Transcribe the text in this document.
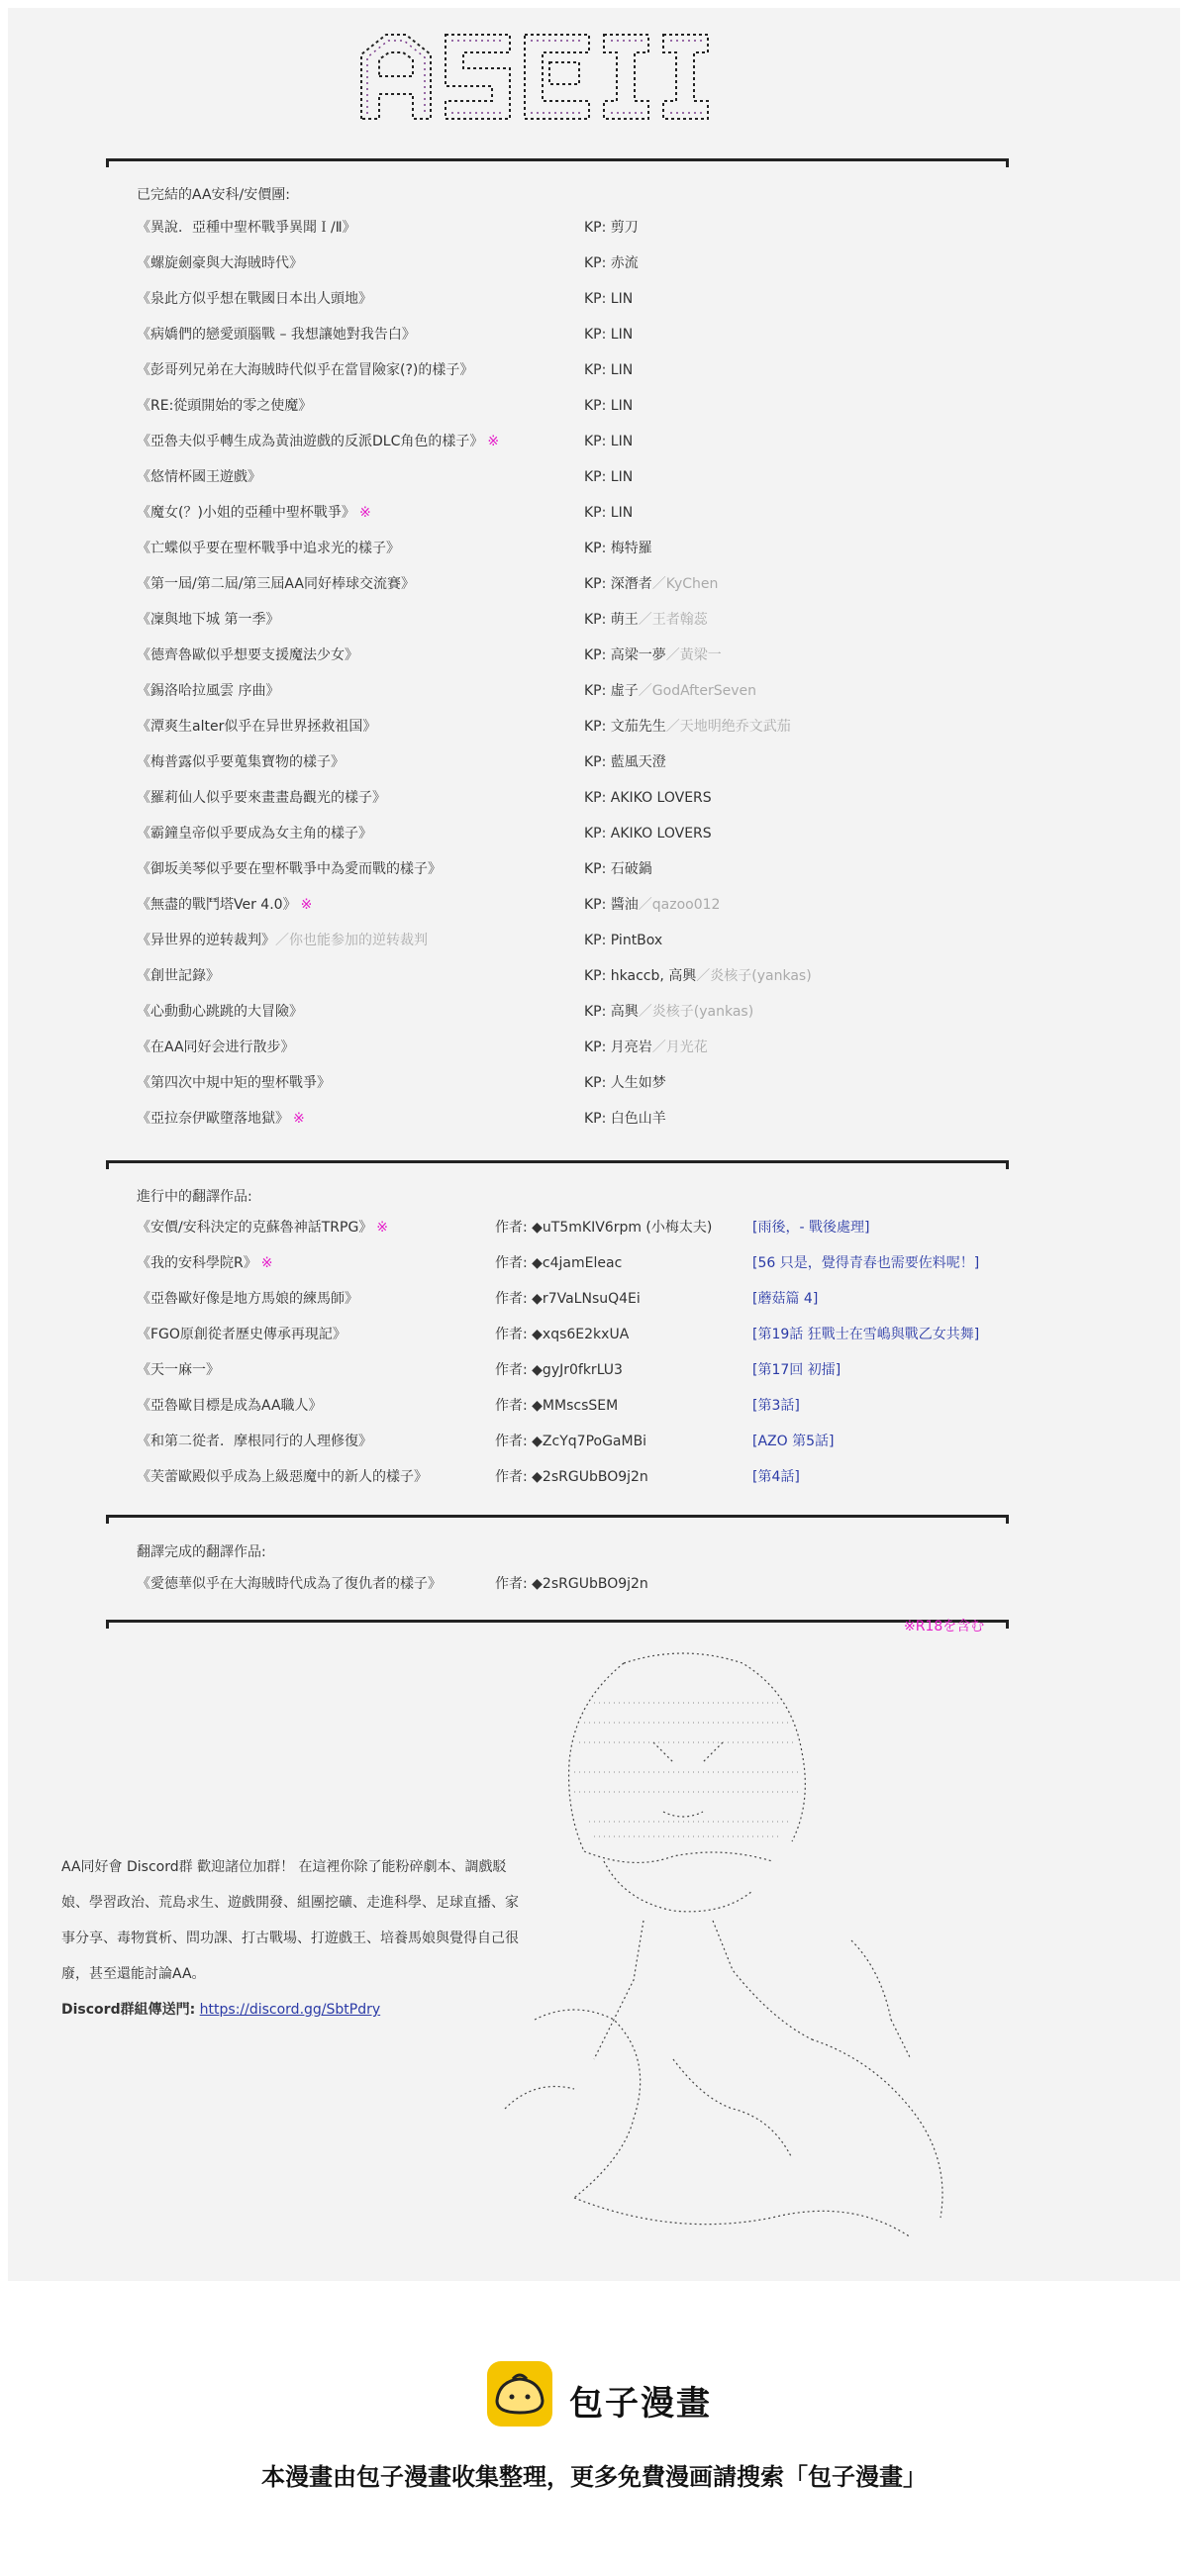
已完結的AA安科/安價團:
《異說．亞種中聖杯戰爭異聞Ｉ/Ⅱ》	KP: 剪刀
《螺旋劍豪與大海賊時代》	KP: 赤流
《泉此方似乎想在戰國日本出人頭地》	KP: LIN
《病嬌們的戀愛頭腦戰 – 我想讓她對我告白》	KP: LIN
《彭哥列兄弟在大海賊時代似乎在當冒險家(?)的樣子》	KP: LIN
《RE:從頭開始的零之使魔》	KP: LIN
《亞魯夫似乎轉生成為黃油遊戲的反派DLC角色的樣子》 ※	KP: LIN
《悠情杯國王遊戲》	KP: LIN
《魔女(？)小姐的亞種中聖杯戰爭》 ※	KP: LIN
《亡蝶似乎要在聖杯戰爭中追求光的樣子》	KP: 梅特羅
《第一屆/第二屆/第三屆AA同好棒球交流賽》	KP: 深潛者／KyChen
《凜與地下城 第一季》	KP: 萌王／王者翰蕊
《德齊魯歐似乎想要支援魔法少女》	KP: 高梁一夢／黃梁一
《錫洛哈拉風雲 序曲》	KP: 虛子／GodAfterSeven
《潭爽生alter似乎在异世界拯救祖国》	KP: 文茄先生／天地明绝乔文武茄
《梅普露似乎要蒐集寶物的樣子》	KP: 藍風天澄
《羅莉仙人似乎要來畫畫島觀光的樣子》	KP: AKIKO LOVERS
《霸鐘皇帝似乎要成為女主角的樣子》	KP: AKIKO LOVERS
《御坂美琴似乎要在聖杯戰爭中為愛而戰的樣子》	KP: 石破鍋
《無盡的戰鬥塔Ver 4.0》 ※	KP: 醬油／qazoo012
《异世界的逆转裁判》／你也能参加的逆转裁判	KP: PintBox
《創世記錄》	KP: hkaccb, 高興／炎核子(yankas)
《心動動心跳跳的大冒險》	KP: 高興／炎核子(yankas)
《在AA同好会进行散步》	KP: 月亮岩／月光花
《第四次中規中矩的聖杯戰爭》	KP: 人生如梦
《亞拉奈伊歐墮落地獄》 ※	KP: 白色山羊
進行中的翻譯作品:
《安價/安科決定的克蘇魯神話TRPG》 ※	作者: ◆uT5mKIV6rpm (小梅太夫)	[雨後，- 戰後處理]
《我的安科學院R》 ※	作者: ◆c4jamEleac	[56 只是，覺得青春也需要佐料呢！]
《亞魯歐好像是地方馬娘的練馬師》	作者: ◆r7VaLNsuQ4Ei	[蘑菇篇 4]
《FGO原創從者歷史傳承再現記》	作者: ◆xqs6E2kxUA	[第19話 狂戰士在雪嶋與戰乙女共舞]
《天一麻一》	作者: ◆gyJr0fkrLU3	[第17回 初擂]
《亞魯歐目標是成為AA職人》	作者: ◆MMscsSEM	[第3話]
《和第二從者．摩根同行的人理修復》	作者: ◆ZcYq7PoGaMBi	[AZO 第5話]
《芙蕾歐殿似乎成為上級惡魔中的新人的樣子》	作者: ◆2sRGUbBO9j2n	[第4話]
翻譯完成的翻譯作品:
《愛德華似乎在大海賊時代成為了復仇者的樣子》	作者: ◆2sRGUbBO9j2n
※R18を含む
AA同好會 Discord群 歡迎諸位加群！ 在這裡你除了能粉碎劇本、調戲駁娘、學習政治、荒島求生、遊戲開發、組團挖礦、走進科學、足球直播、家事分享、毒物賞析、問功課、打古戰場、打遊戲王、培養馬娘與覺得自己很廢，甚至還能討論AA。
Discord群組傳送門: https://discord.gg/SbtPdry
包子漫畫
本漫畫由包子漫畫收集整理，更多免費漫画請搜索「包子漫畫」
